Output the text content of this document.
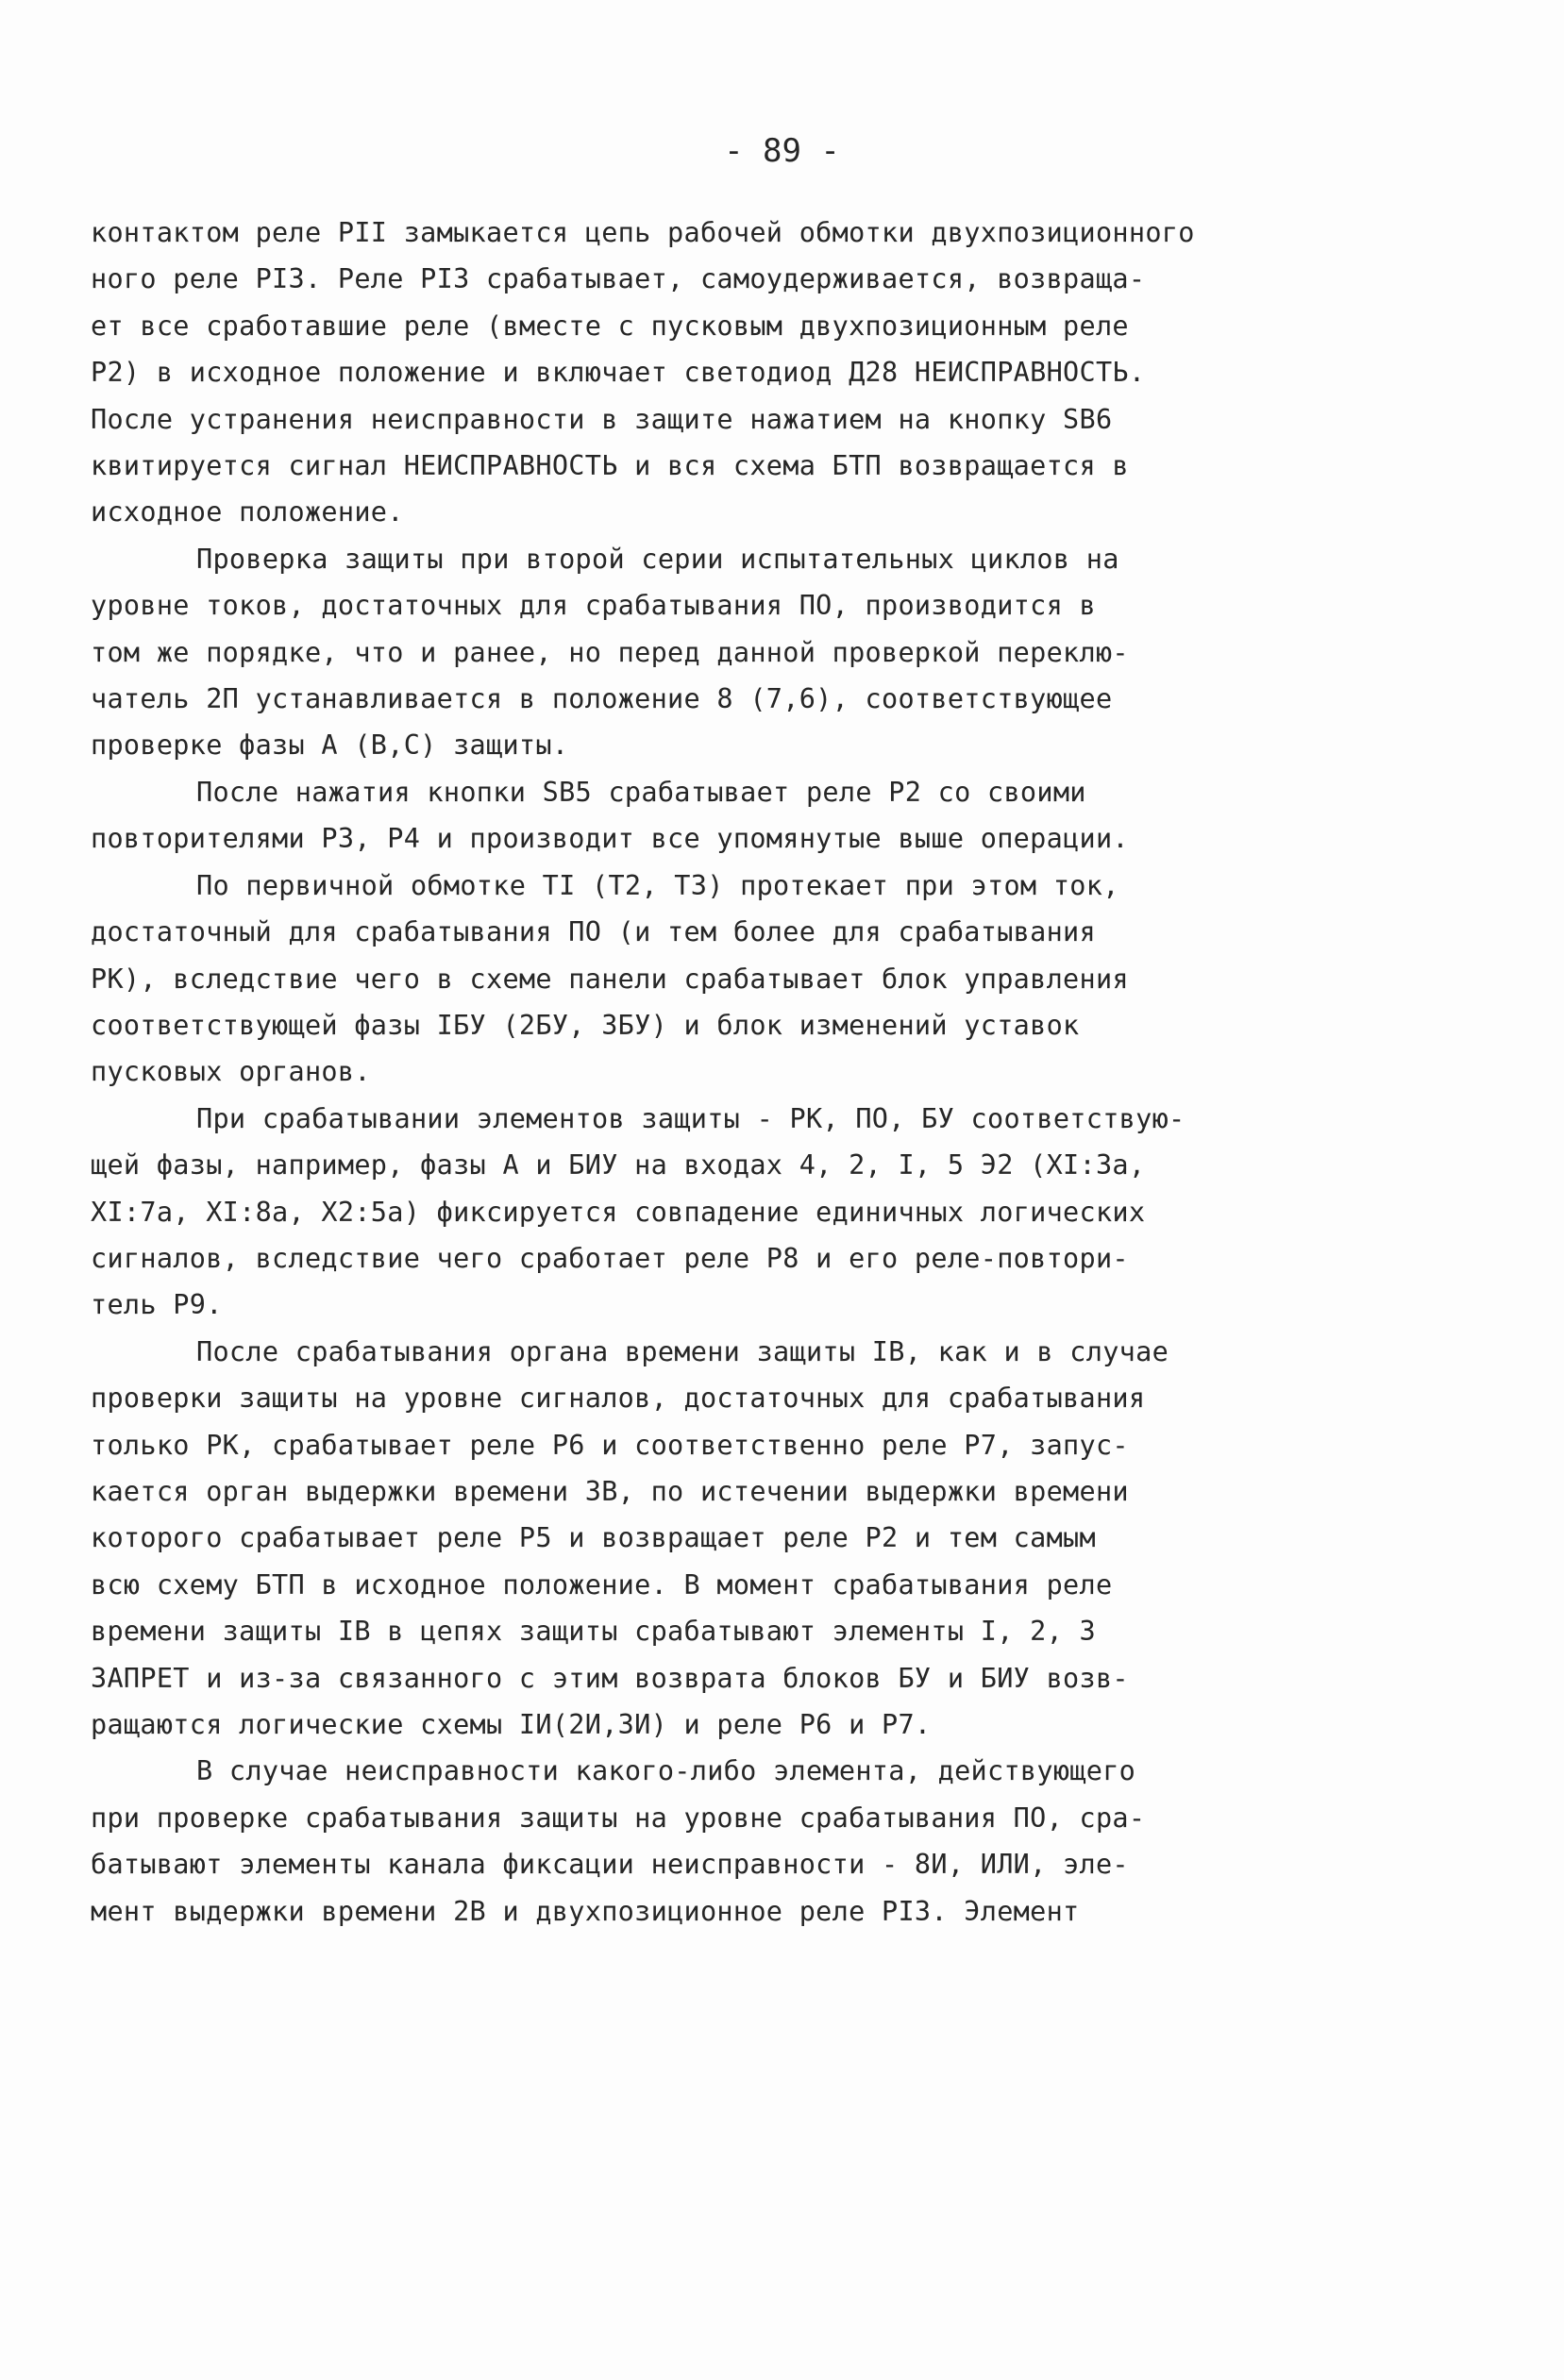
- 89 -
контактом реле РII замыкается цепь рабочей обмотки двухпозиционного
ного реле РI3. Реле РI3 срабатывает, самоудерживается, возвраща-
ет все сработавшие реле (вместе с пусковым двухпозиционным реле
Р2) в исходное положение и включает светодиод Д28 НЕИСПРАВНОСТЬ.
После устранения неисправности в защите нажатием на кнопку SB6
квитируется сигнал НЕИСПРАВНОСТЬ и вся схема БТП возвращается в
исходное положение.
Проверка защиты при второй серии испытательных циклов на
уровне токов, достаточных для срабатывания ПО, производится в
том же порядке, что и ранее, но перед данной проверкой переклю-
чатель 2П устанавливается в положение 8 (7,6), соответствующее
проверке фазы А (В,С) защиты.
После нажатия кнопки SB5 срабатывает реле Р2 со своими
повторителями Р3, Р4 и производит все упомянутые выше операции.
По первичной обмотке ТI (Т2, Т3) протекает при этом ток,
достаточный для срабатывания ПО (и тем более для срабатывания
РК), вследствие чего в схеме панели срабатывает блок управления
соответствующей фазы IБУ (2БУ, 3БУ) и блок изменений уставок
пусковых органов.
При срабатывании элементов защиты - РК, ПО, БУ соответствую-
щей фазы, например, фазы А и БИУ на входах 4, 2, I, 5 Э2 (XI:3а,
XI:7а, XI:8а, Х2:5а) фиксируется совпадение единичных логических
сигналов, вследствие чего сработает реле Р8 и его реле-повтори-
тель Р9.
После срабатывания органа времени защиты IВ, как и в случае
проверки защиты на уровне сигналов, достаточных для срабатывания
только РК, срабатывает реле Р6 и соответственно реле Р7, запус-
кается орган выдержки времени 3В, по истечении выдержки времени
которого срабатывает реле Р5 и возвращает реле Р2 и тем самым
всю схему БТП в исходное положение. В момент срабатывания реле
времени защиты IВ в цепях защиты срабатывают элементы I, 2, 3
ЗАПРЕТ и из-за связанного с этим возврата блоков БУ и БИУ возв-
ращаются логические схемы IИ(2И,3И) и реле Р6 и Р7.
В случае неисправности какого-либо элемента, действующего
при проверке срабатывания защиты на уровне срабатывания ПО, сра-
батывают элементы канала фиксации неисправности - 8И, ИЛИ, эле-
мент выдержки времени 2В и двухпозиционное реле РI3. Элемент
